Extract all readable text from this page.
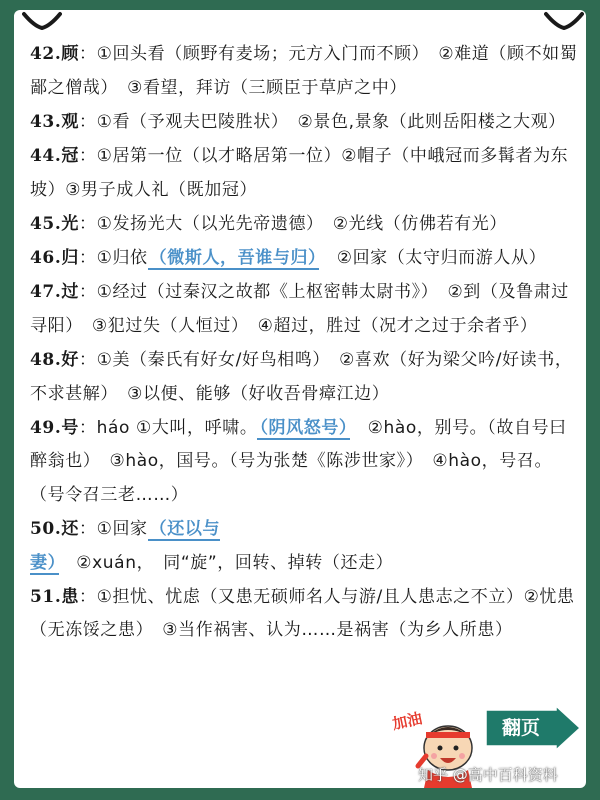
42.顾：①回头看（顾野有麦场；元方入门而不顾）　②难道（顾不如蜀鄙之僧哉）　③看望，拜访（三顾臣于草庐之中）

43.观：①看（予观夫巴陵胜状）　②景色,景象（此则岳阳楼之大观）

44.冠：①居第一位（以才略居第一位）②帽子（中峨冠而多髯者为东坡）③男子成人礼（既加冠）

45.光：①发扬光大（以光先帝遗德）　②光线（仿佛若有光）

46.归：①归依 （微斯人，吾谁与归）　②回家（太守归而游人从）

47.过：①经过（过秦汉之故都《上枢密韩太尉书》）　②到（及鲁肃过寻阳）　③犯过失（人恒过）　④超过，胜过（况才之过于余者乎）

48.好：①美（秦氏有好女/好鸟相鸣）　②喜欢（好为梁父吟/好读书，不求甚解）　③以便、能够（好收吾骨瘴江边）

49.号：háo ①大叫，呼啸。 （阴风怒号）　②hào，别号。（故自号曰醉翁也）　③hào，国号。（号为张楚《陈涉世家》）　④hào，号召。（号令召三老……）

50.还：①回家 （还以与妻）　②xuán，　同“旋”，回转、掉转（还走）

51.患：①担忧、忧虑（又患无硕师名人与游/且人患志之不立）②忧患（无冻馁之患）　③当作祸害、认为……是祸害（为乡人所患）

加油	翻页
知乎 @高中百科资料
